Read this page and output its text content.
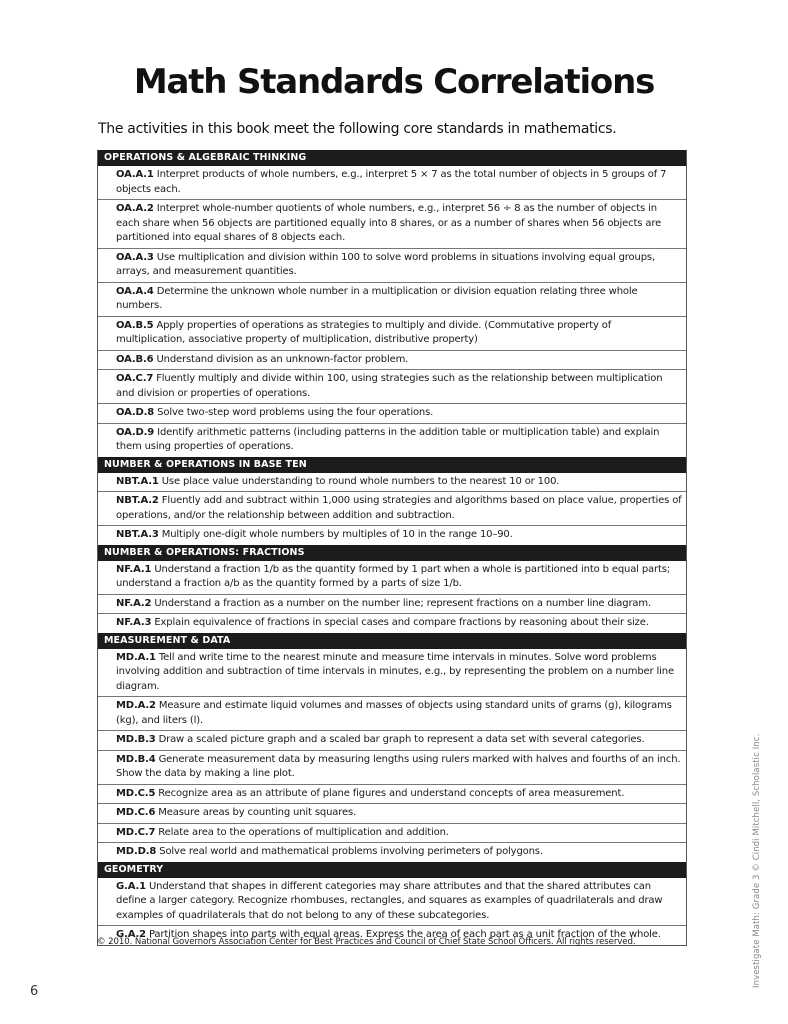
Math Standards Correlations
The activities in this book meet the following core standards in mathematics.
OPERATIONS & ALGEBRAIC THINKING
OA.A.1 Interpret products of whole numbers, e.g., interpret 5 × 7 as the total number of objects in 5 groups of 7 objects each.
OA.A.2 Interpret whole-number quotients of whole numbers, e.g., interpret 56 ÷ 8 as the number of objects in each share when 56 objects are partitioned equally into 8 shares, or as a number of shares when 56 objects are partitioned into equal shares of 8 objects each.
OA.A.3 Use multiplication and division within 100 to solve word problems in situations involving equal groups, arrays, and measurement quantities.
OA.A.4 Determine the unknown whole number in a multiplication or division equation relating three whole numbers.
OA.B.5 Apply properties of operations as strategies to multiply and divide. (Commutative property of multiplication, associative property of multiplication, distributive property)
OA.B.6 Understand division as an unknown-factor problem.
OA.C.7 Fluently multiply and divide within 100, using strategies such as the relationship between multiplication and division or properties of operations.
OA.D.8 Solve two-step word problems using the four operations.
OA.D.9 Identify arithmetic patterns (including patterns in the addition table or multiplication table) and explain them using properties of operations.
NUMBER & OPERATIONS IN BASE TEN
NBT.A.1 Use place value understanding to round whole numbers to the nearest 10 or 100.
NBT.A.2 Fluently add and subtract within 1,000 using strategies and algorithms based on place value, properties of operations, and/or the relationship between addition and subtraction.
NBT.A.3 Multiply one-digit whole numbers by multiples of 10 in the range 10–90.
NUMBER & OPERATIONS: FRACTIONS
NF.A.1 Understand a fraction 1/b as the quantity formed by 1 part when a whole is partitioned into b equal parts; understand a fraction a/b as the quantity formed by a parts of size 1/b.
NF.A.2 Understand a fraction as a number on the number line; represent fractions on a number line diagram.
NF.A.3 Explain equivalence of fractions in special cases and compare fractions by reasoning about their size.
MEASUREMENT & DATA
MD.A.1 Tell and write time to the nearest minute and measure time intervals in minutes. Solve word problems involving addition and subtraction of time intervals in minutes, e.g., by representing the problem on a number line diagram.
MD.A.2 Measure and estimate liquid volumes and masses of objects using standard units of grams (g), kilograms (kg), and liters (l).
MD.B.3 Draw a scaled picture graph and a scaled bar graph to represent a data set with several categories.
MD.B.4 Generate measurement data by measuring lengths using rulers marked with halves and fourths of an inch. Show the data by making a line plot.
MD.C.5 Recognize area as an attribute of plane figures and understand concepts of area measurement.
MD.C.6 Measure areas by counting unit squares.
MD.C.7 Relate area to the operations of multiplication and addition.
MD.D.8 Solve real world and mathematical problems involving perimeters of polygons.
GEOMETRY
G.A.1 Understand that shapes in different categories may share attributes and that the shared attributes can define a larger category. Recognize rhombuses, rectangles, and squares as examples of quadrilaterals and draw examples of quadrilaterals that do not belong to any of these subcategories.
G.A.2 Partition shapes into parts with equal areas. Express the area of each part as a unit fraction of the whole.
© 2010. National Governors Association Center for Best Practices and Council of Chief State School Officers. All rights reserved.
6
Investigate Math: Grade 3 © Cindi Mitchell, Scholastic Inc.
